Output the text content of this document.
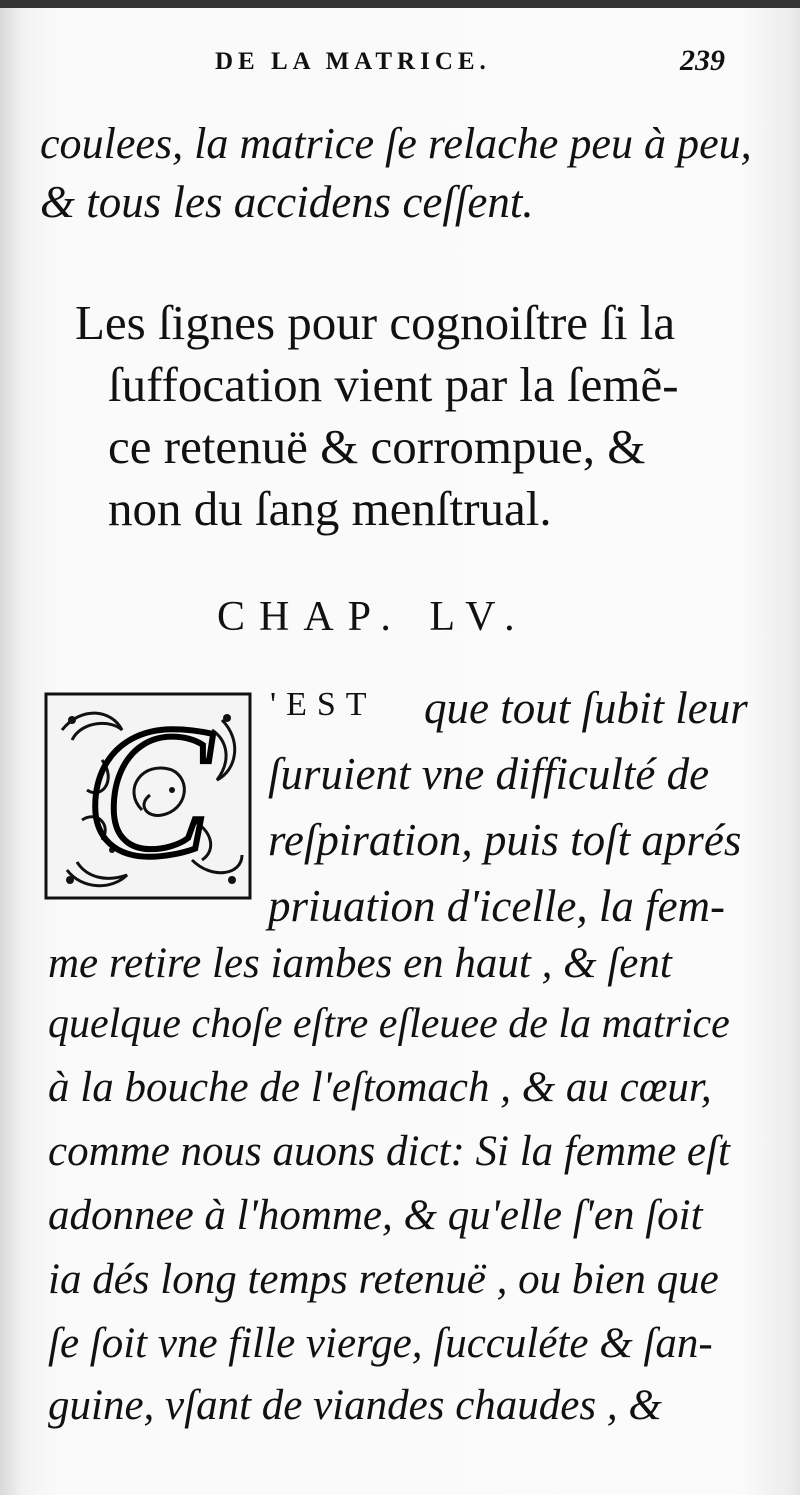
DE LA MATRICE.	239
coulees, la matrice ſe relache peu à peu,
& tous les accidens ceſſent.
Les ſignes pour cognoiſtre ſi la
ſuffocation vient par la ſemẽ-
ce retenuë & corrompue, &
non du ſang menſtrual.
CHAP. LV.
C 'EST que tout ſubit leur
ſuruient vne difficulté de
reſpiration, puis toſt aprés
priuation d'icelle, la fem-
me retire les iambes en haut , & ſent
quelque choſe eſtre eſleuee de la matrice
à la bouche de l'eſtomach , & au cœur,
comme nous auons dict: Si la femme eſt
adonnee à l'homme, & qu'elle ſ'en ſoit
ia dés long temps retenuë , ou bien que
ſe ſoit vne fille vierge, ſucculéte & ſan-
guine, vſant de viandes chaudes , &
